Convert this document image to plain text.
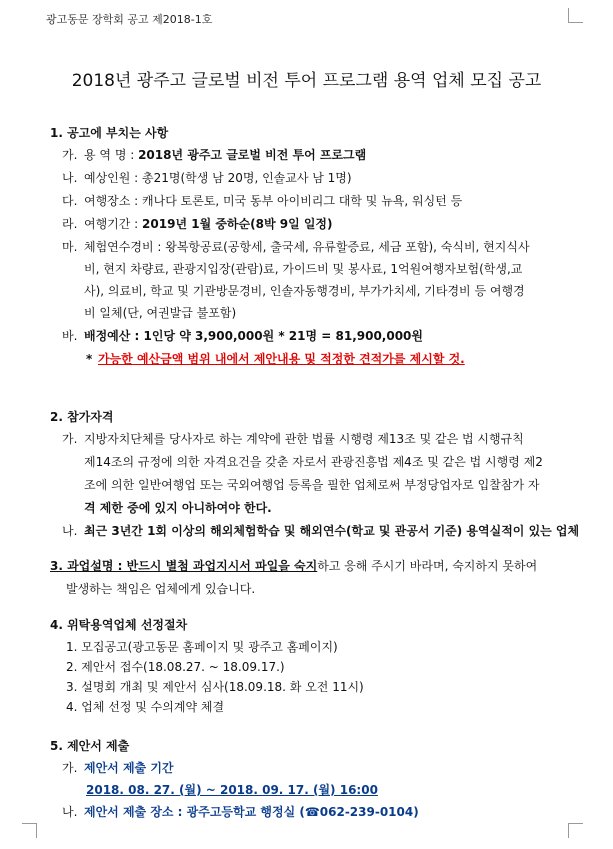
광고동문 장학회 공고 제2018-1호
2018년 광주고 글로벌 비전 투어 프로그램 용역 업체 모집 공고
1. 공고에 부치는 사항
가. 용 역 명 : 2018년 광주고 글로벌 비전 투어 프로그램
나. 예상인원 : 총21명(학생 남 20명, 인솔교사 남 1명)
다. 여행장소 : 캐나다 토론토, 미국 동부 아이비리그 대학 및 뉴욕, 워싱턴 등
라. 여행기간 : 2019년 1월 중하순(8박 9일 일정)
마. 체험연수경비 : 왕복항공료(공항세, 출국세, 유류할증료, 세금 포함), 숙식비, 현지식사
비, 현지 차량료, 관광지입장(관람)료, 가이드비 및 봉사료, 1억원여행자보험(학생,교
사), 의료비, 학교 및 기관방문경비, 인솔자동행경비, 부가가치세, 기타경비 등 여행경
비 일체(단, 여권발급 불포함)
바. 배정예산 : 1인당 약 3,900,000원 * 21명 = 81,900,000원
* 가능한 예산금액 범위 내에서 제안내용 및 적정한 견적가를 제시할 것.
2. 참가자격
가. 지방자치단체를 당사자로 하는 계약에 관한 법률 시행령 제13조 및 같은 법 시행규칙
제14조의 규정에 의한 자격요건을 갖춘 자로서 관광진흥법 제4조 및 같은 법 시행령 제2
조에 의한 일반여행업 또는 국외여행업 등록을 필한 업체로써 부정당업자로 입찰참가 자
격 제한 중에 있지 아니하여야 한다.
나. 최근 3년간 1회 이상의 해외체험학습 및 해외연수(학교 및 관공서 기준) 용역실적이 있는 업체
3. 과업설명 : 반드시 별첨 과업지시서 파일을 숙지하고 응해 주시기 바라며, 숙지하지 못하여
발생하는 책임은 업체에게 있습니다.
4. 위탁용역업체 선정절차
1. 모집공고(광고동문 홈페이지 및 광주고 홈페이지)
2. 제안서 접수(18.08.27. ~ 18.09.17.)
3. 설명회 개최 및 제안서 심사(18.09.18. 화 오전 11시)
4. 업체 선정 및 수의계약 체결
5. 제안서 제출
가. 제안서 제출 기간
2018. 08. 27. (월) ~ 2018. 09. 17. (월) 16:00
나. 제안서 제출 장소 : 광주고등학교 행정실 (☎062-239-0104)
